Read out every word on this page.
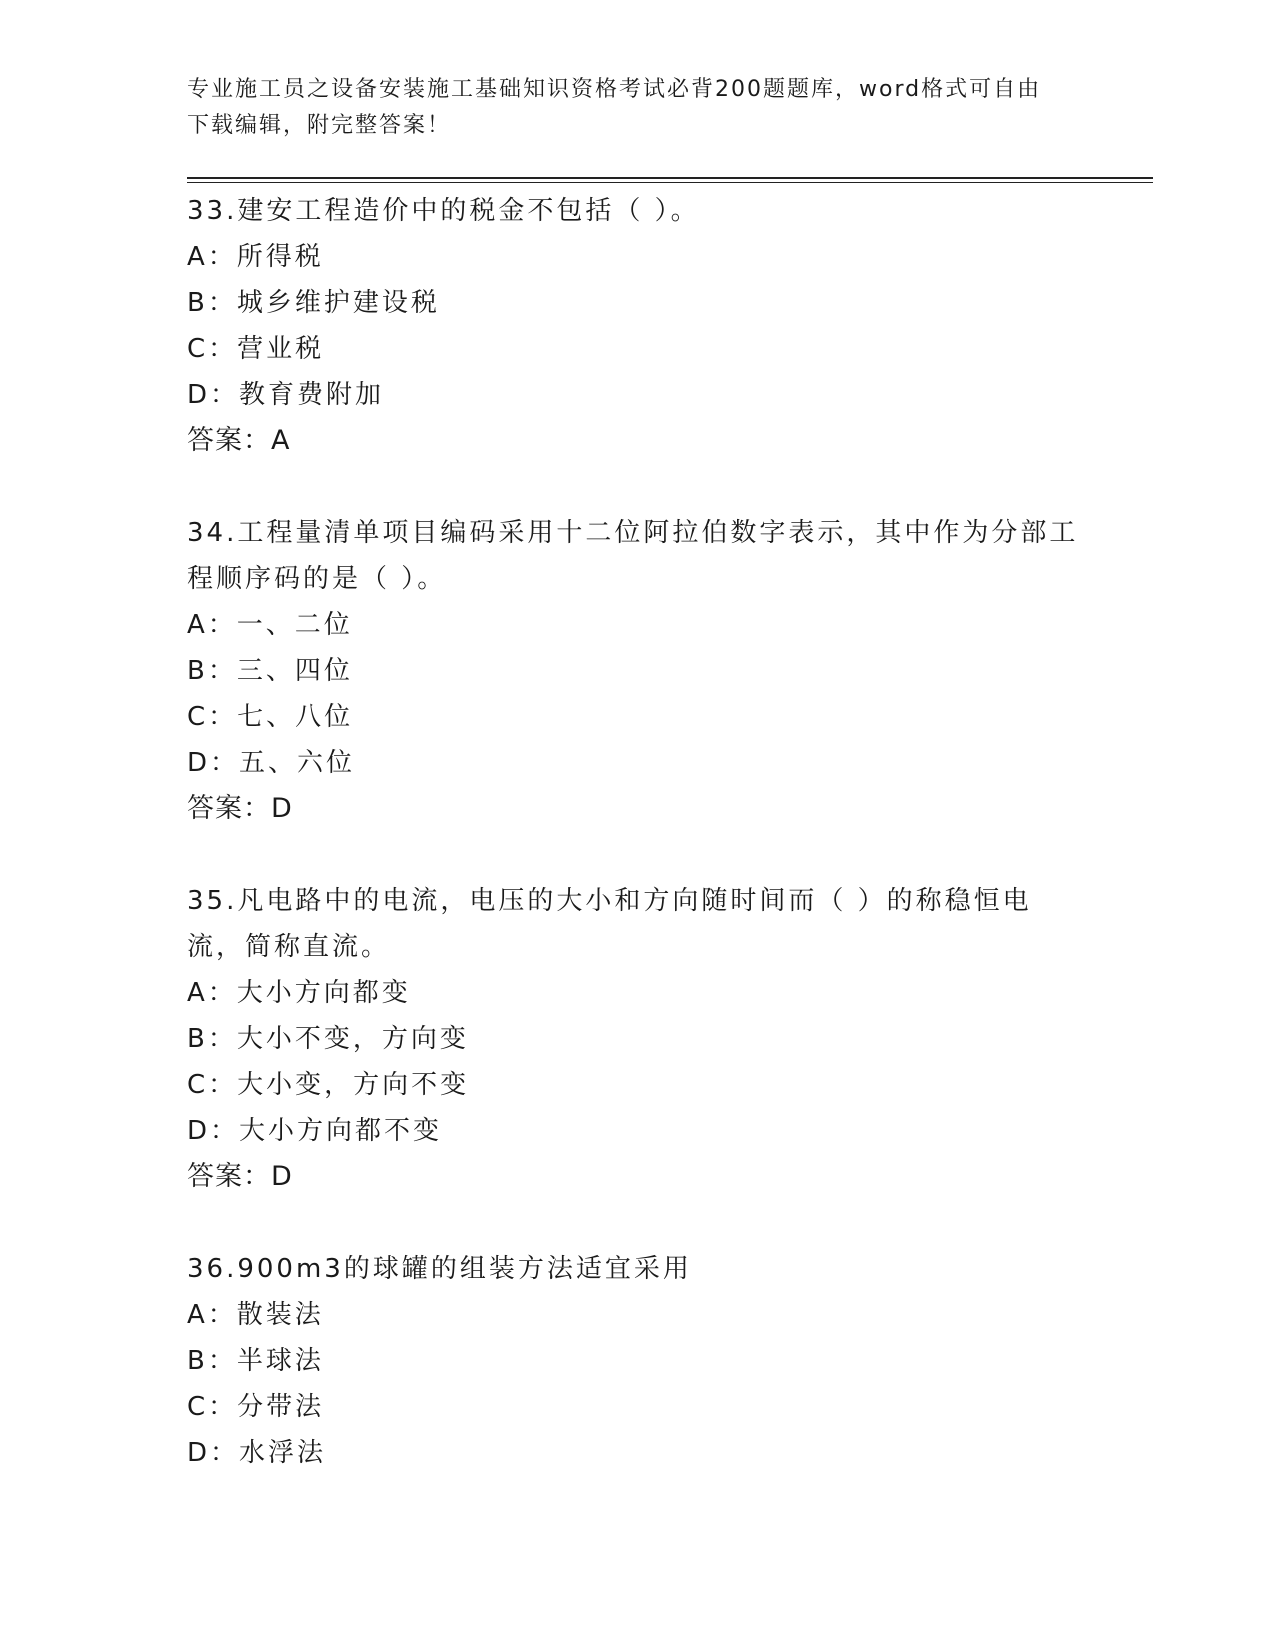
专业施工员之设备安装施工基础知识资格考试必背200题题库，word格式可自由
下载编辑，附完整答案！

33.建安工程造价中的税金不包括（ ）。

A：所得税

B：城乡维护建设税

C：营业税

D：教育费附加

答案：A

34.工程量清单项目编码采用十二位阿拉伯数字表示，其中作为分部工程顺序码的是（ ）。

A：一、二位

B：三、四位

C：七、八位

D：五、六位

答案：D

35.凡电路中的电流，电压的大小和方向随时间而（ ）的称稳恒电流，简称直流。

A：大小方向都变

B：大小不变，方向变

C：大小变，方向不变

D：大小方向都不变

答案：D

36.900m3的球罐的组装方法适宜采用

A：散装法

B：半球法

C：分带法

D：水浮法
